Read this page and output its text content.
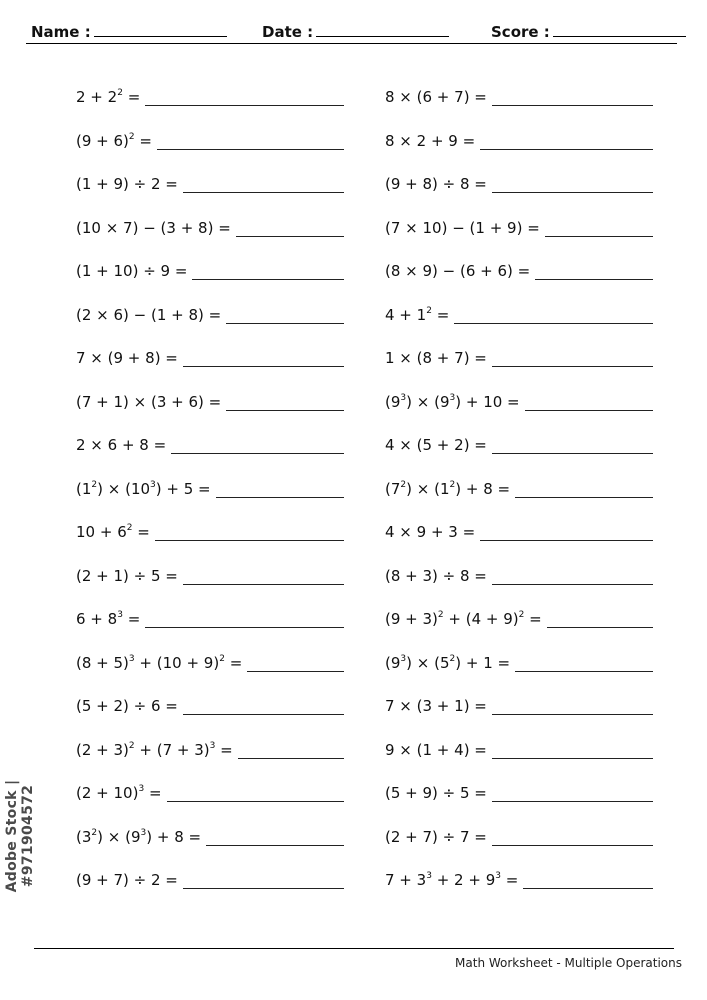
Name :	Date :	Score :
$2 + 2^2$ =
$(9 + 6)^2$ =
(1 + 9) ÷ 2 =
(10 × 7) − (3 + 8) =
(1 + 10) ÷ 9 =
(2 × 6) − (1 + 8) =
7 × (9 + 8) =
(7 + 1) × (3 + 6) =
2 × 6 + 8 =
$(1^2) \times (10^3) + 5$ =
$10 + 6^2$ =
(2 + 1) ÷ 5 =
$6 + 8^3$ =
$(8 + 5)^3 + (10 + 9)^2$ =
(5 + 2) ÷ 6 =
$(2 + 3)^2 + (7 + 3)^3$ =
$(2 + 10)^3$ =
$(3^2) \times (9^3) + 8$ =
(9 + 7) ÷ 2 =
8 × (6 + 7) =
8 × 2 + 9 =
(9 + 8) ÷ 8 =
(7 × 10) − (1 + 9) =
(8 × 9) − (6 + 6) =
$4 + 1^2$ =
1 × (8 + 7) =
$(9^3) \times (9^3) + 10$ =
4 × (5 + 2) =
$(7^2) \times (1^2) + 8$ =
4 × 9 + 3 =
(8 + 3) ÷ 8 =
$(9 + 3)^2 + (4 + 9)^2$ =
$(9^3) \times (5^2) + 1$ =
7 × (3 + 1) =
9 × (1 + 4) =
(5 + 9) ÷ 5 =
(2 + 7) ÷ 7 =
$7 + 3^3 + 2 + 9^3$ =
Math Worksheet - Multiple Operations
Adobe Stock | #971904572
